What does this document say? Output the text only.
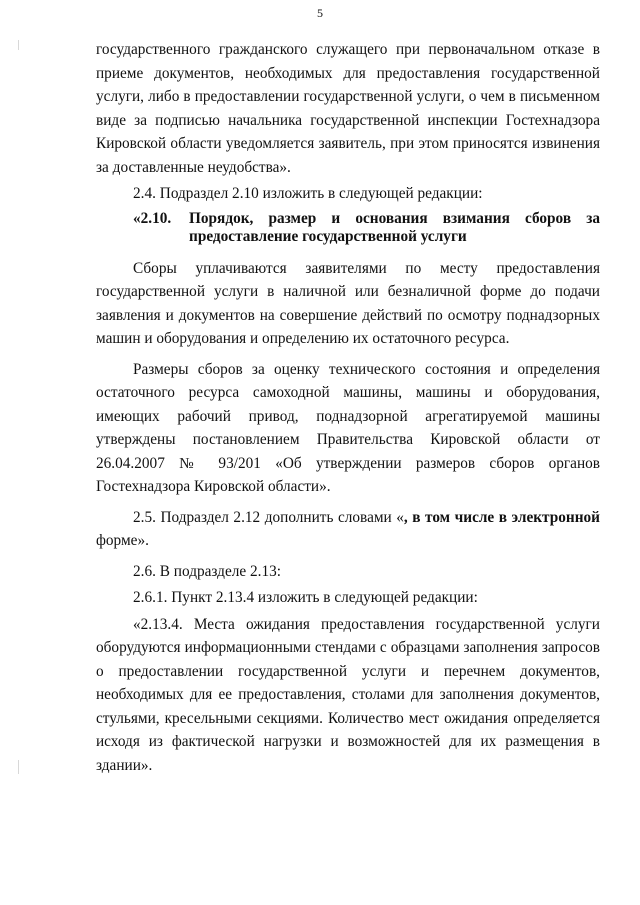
5

государственного гражданского служащего при первоначальном отказе в приеме документов, необходимых для предоставления государственной услуги, либо в предоставлении государственной услуги, о чем в письменном виде за подписью начальника государственной инспекции Гостехнадзора Кировской области уведомляется заявитель, при этом приносятся извинения за доставленные неудобства».

2.4. Подраздел 2.10 изложить в следующей редакции:

«2.10. Порядок, размер и основания взимания сборов за
предоставление государственной услуги

Сборы уплачиваются заявителями по месту предоставления государственной услуги в наличной или безналичной форме до подачи заявления и документов на совершение действий по осмотру поднадзорных машин и оборудования и определению их остаточного ресурса.

Размеры сборов за оценку технического состояния и определения остаточного ресурса самоходной машины, машины и оборудования, имеющих рабочий привод, поднадзорной агрегатируемой машины утверждены постановлением Правительства Кировской области от 26.04.2007 № 93/201 «Об утверждении размеров сборов органов Гостехнадзора Кировской области».

2.5. Подраздел 2.12 дополнить словами «, в том числе в электронной форме».

2.6. В подразделе 2.13:

2.6.1. Пункт 2.13.4 изложить в следующей редакции:

«2.13.4. Места ожидания предоставления государственной услуги оборудуются информационными стендами с образцами заполнения запросов о предоставлении государственной услуги и перечнем документов, необходимых для ее предоставления, столами для заполнения документов, стульями, кресельными секциями. Количество мест ожидания определяется исходя из фактической нагрузки и возможностей для их размещения в здании».
